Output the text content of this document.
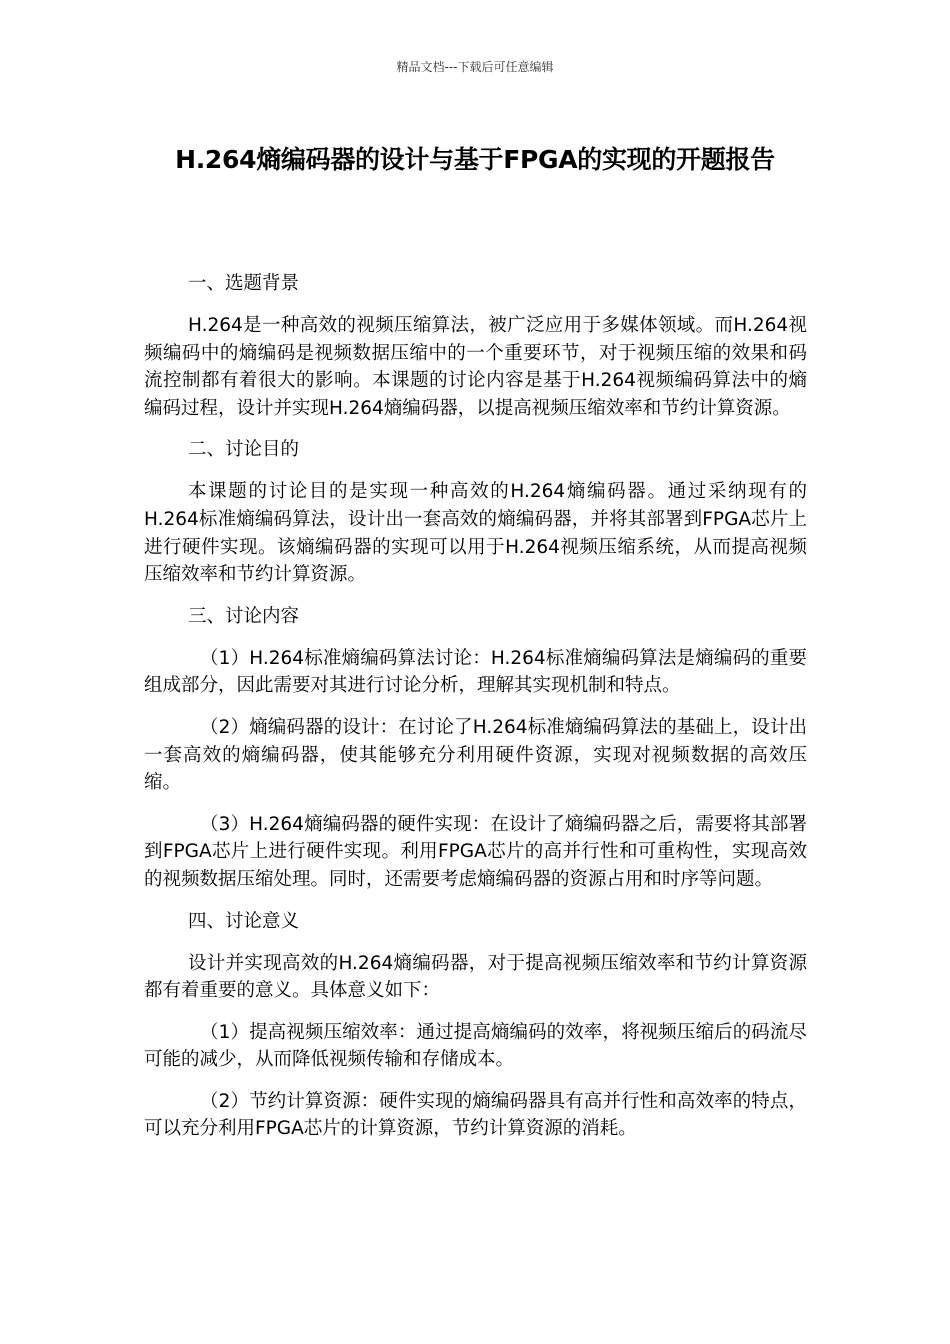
精品文档---下载后可任意编辑
H.264熵编码器的设计与基于FPGA的实现的开题报告

一、选题背景

H.264是一种高效的视频压缩算法，被广泛应用于多媒体领域。而H.264视频编码中的熵编码是视频数据压缩中的一个重要环节，对于视频压缩的效果和码流控制都有着很大的影响。本课题的讨论内容是基于H.264视频编码算法中的熵编码过程，设计并实现H.264熵编码器，以提高视频压缩效率和节约计算资源。

二、讨论目的

本课题的讨论目的是实现一种高效的H.264熵编码器。通过采纳现有的H.264标准熵编码算法，设计出一套高效的熵编码器，并将其部署到FPGA芯片上进行硬件实现。该熵编码器的实现可以用于H.264视频压缩系统，从而提高视频压缩效率和节约计算资源。

三、讨论内容

（1）H.264标准熵编码算法讨论：H.264标准熵编码算法是熵编码的重要组成部分，因此需要对其进行讨论分析，理解其实现机制和特点。

（2）熵编码器的设计：在讨论了H.264标准熵编码算法的基础上，设计出一套高效的熵编码器，使其能够充分利用硬件资源，实现对视频数据的高效压缩。

（3）H.264熵编码器的硬件实现：在设计了熵编码器之后，需要将其部署到FPGA芯片上进行硬件实现。利用FPGA芯片的高并行性和可重构性，实现高效的视频数据压缩处理。同时，还需要考虑熵编码器的资源占用和时序等问题。

四、讨论意义

设计并实现高效的H.264熵编码器，对于提高视频压缩效率和节约计算资源都有着重要的意义。具体意义如下：

（1）提高视频压缩效率：通过提高熵编码的效率，将视频压缩后的码流尽可能的减少，从而降低视频传输和存储成本。

（2）节约计算资源：硬件实现的熵编码器具有高并行性和高效率的特点，可以充分利用FPGA芯片的计算资源，节约计算资源的消耗。
